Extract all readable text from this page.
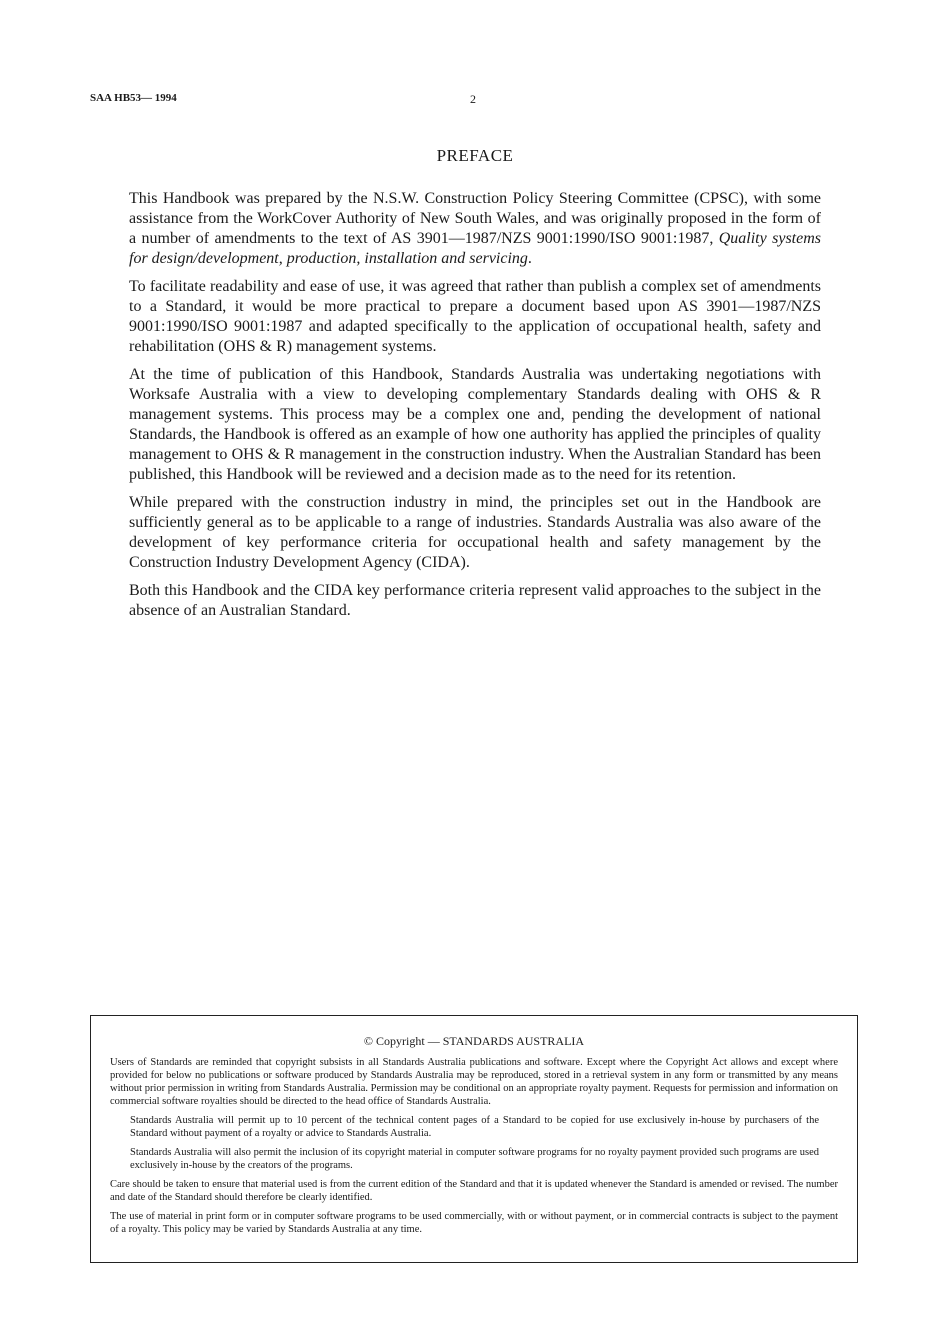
SAA HB53— 1994	2
PREFACE

This Handbook was prepared by the N.S.W. Construction Policy Steering Committee (CPSC), with some assistance from the WorkCover Authority of New South Wales, and was originally proposed in the form of a number of amendments to the text of AS 3901—1987/NZS 9001:1990/ISO 9001:1987, Quality systems for design/development, production, installation and servicing.

To facilitate readability and ease of use, it was agreed that rather than publish a complex set of amendments to a Standard, it would be more practical to prepare a document based upon AS 3901—1987/NZS 9001:1990/ISO 9001:1987 and adapted specifically to the application of occupational health, safety and rehabilitation (OHS & R) management systems.

At the time of publication of this Handbook, Standards Australia was undertaking negotiations with Worksafe Australia with a view to developing complementary Standards dealing with OHS & R management systems. This process may be a complex one and, pending the development of national Standards, the Handbook is offered as an example of how one authority has applied the principles of quality management to OHS & R management in the construction industry. When the Australian Standard has been published, this Handbook will be reviewed and a decision made as to the need for its retention.

While prepared with the construction industry in mind, the principles set out in the Handbook are sufficiently general as to be applicable to a range of industries. Standards Australia was also aware of the development of key performance criteria for occupational health and safety management by the Construction Industry Development Agency (CIDA).

Both this Handbook and the CIDA key performance criteria represent valid approaches to the subject in the absence of an Australian Standard.

© Copyright — STANDARDS AUSTRALIA

Users of Standards are reminded that copyright subsists in all Standards Australia publications and software. Except where the Copyright Act allows and except where provided for below no publications or software produced by Standards Australia may be reproduced, stored in a retrieval system in any form or transmitted by any means without prior permission in writing from Standards Australia. Permission may be conditional on an appropriate royalty payment. Requests for permission and information on commercial software royalties should be directed to the head office of Standards Australia.

Standards Australia will permit up to 10 percent of the technical content pages of a Standard to be copied for use exclusively in-house by purchasers of the Standard without payment of a royalty or advice to Standards Australia.

Standards Australia will also permit the inclusion of its copyright material in computer software programs for no royalty payment provided such programs are used exclusively in-house by the creators of the programs.

Care should be taken to ensure that material used is from the current edition of the Standard and that it is updated whenever the Standard is amended or revised. The number and date of the Standard should therefore be clearly identified.

The use of material in print form or in computer software programs to be used commercially, with or without payment, or in commercial contracts is subject to the payment of a royalty. This policy may be varied by Standards Australia at any time.
